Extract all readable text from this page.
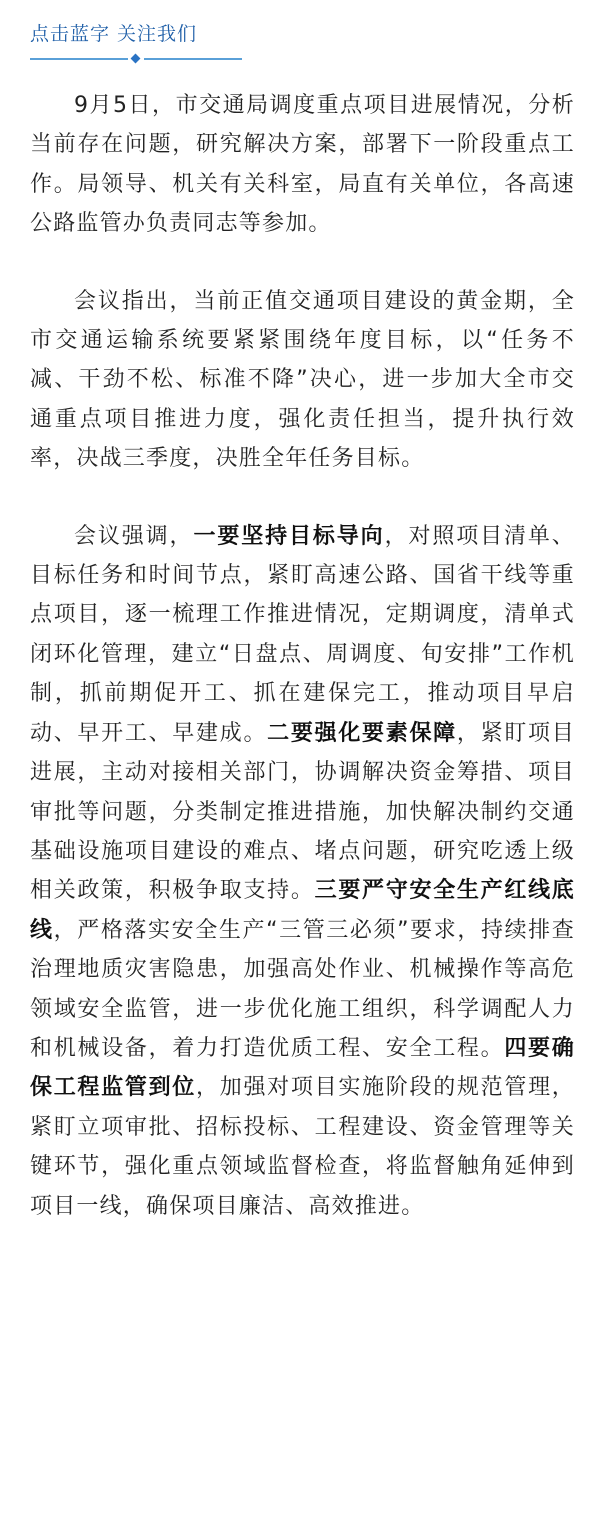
点击蓝字 关注我们

9月5日，市交通局调度重点项目进展情况，分析当前存在问题，研究解决方案，部署下一阶段重点工作。局领导、机关有关科室，局直有关单位，各高速公路监管办负责同志等参加。

会议指出，当前正值交通项目建设的黄金期，全市交通运输系统要紧紧围绕年度目标，以“任务不减、干劲不松、标准不降”决心，进一步加大全市交通重点项目推进力度，强化责任担当，提升执行效率，决战三季度，决胜全年任务目标。

会议强调，一要坚持目标导向，对照项目清单、目标任务和时间节点，紧盯高速公路、国省干线等重点项目，逐一梳理工作推进情况，定期调度，清单式闭环化管理，建立“日盘点、周调度、旬安排”工作机制，抓前期促开工、抓在建保完工，推动项目早启动、早开工、早建成。二要强化要素保障，紧盯项目进展，主动对接相关部门，协调解决资金筹措、项目审批等问题，分类制定推进措施，加快解决制约交通基础设施项目建设的难点、堵点问题，研究吃透上级相关政策，积极争取支持。三要严守安全生产红线底线，严格落实安全生产“三管三必须”要求，持续排查治理地质灾害隐患，加强高处作业、机械操作等高危领域安全监管，进一步优化施工组织，科学调配人力和机械设备，着力打造优质工程、安全工程。四要确保工程监管到位，加强对项目实施阶段的规范管理，紧盯立项审批、招标投标、工程建设、资金管理等关键环节，强化重点领域监督检查，将监督触角延伸到项目一线，确保项目廉洁、高效推进。
